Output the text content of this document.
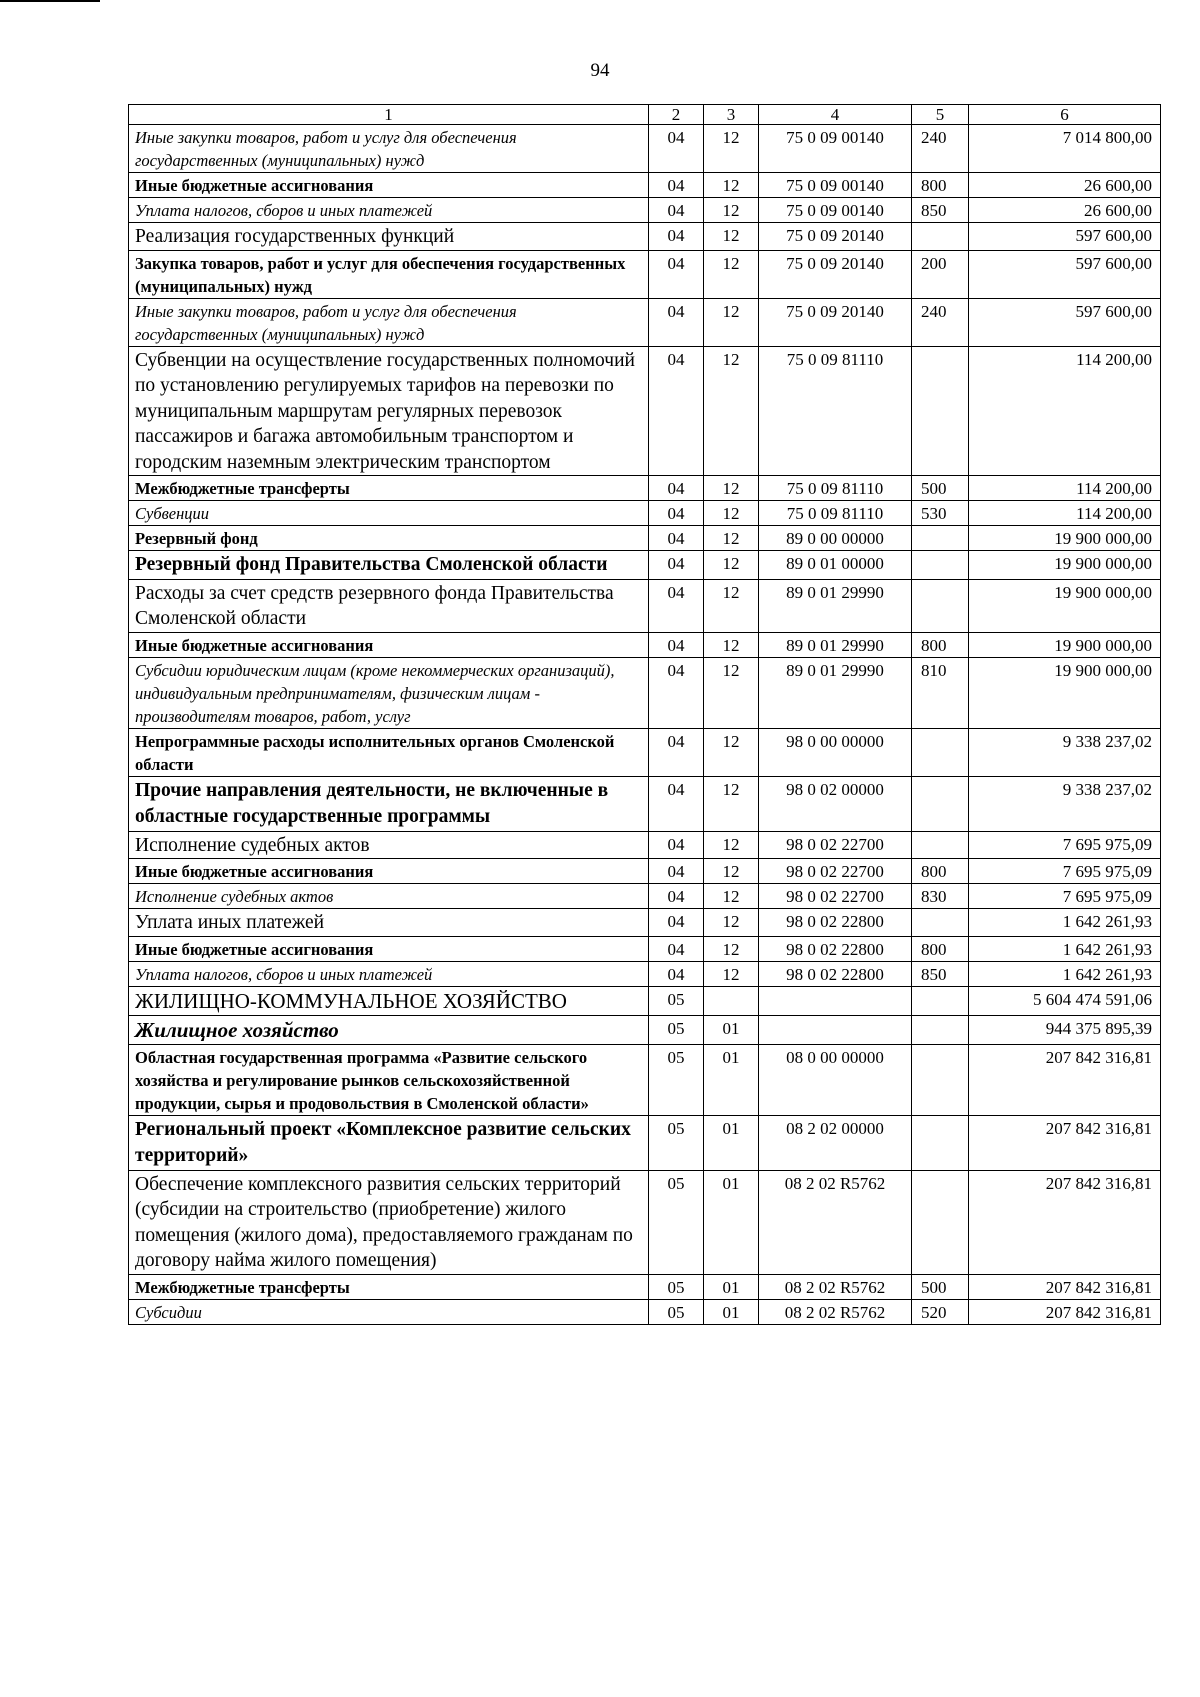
94
1	2	3	4	5	6
Иные закупки товаров, работ и услуг для обеспечения государственных (муниципальных) нужд	04	12	75 0 09 00140	240	7 014 800,00
Иные бюджетные ассигнования	04	12	75 0 09 00140	800	26 600,00
Уплата налогов, сборов и иных платежей	04	12	75 0 09 00140	850	26 600,00
Реализация государственных функций	04	12	75 0 09 20140		597 600,00
Закупка товаров, работ и услуг для обеспечения государственных (муниципальных) нужд	04	12	75 0 09 20140	200	597 600,00
Иные закупки товаров, работ и услуг для обеспечения государственных (муниципальных) нужд	04	12	75 0 09 20140	240	597 600,00
Субвенции на осуществление государственных полномочий по установлению регулируемых тарифов на перевозки по муниципальным маршрутам регулярных перевозок пассажиров и багажа автомобильным транспортом и городским наземным электрическим транспортом	04	12	75 0 09 81110		114 200,00
Межбюджетные трансферты	04	12	75 0 09 81110	500	114 200,00
Субвенции	04	12	75 0 09 81110	530	114 200,00
Резервный фонд	04	12	89 0 00 00000		19 900 000,00
Резервный фонд Правительства Смоленской области	04	12	89 0 01 00000		19 900 000,00
Расходы за счет средств резервного фонда Правительства Смоленской области	04	12	89 0 01 29990		19 900 000,00
Иные бюджетные ассигнования	04	12	89 0 01 29990	800	19 900 000,00
Субсидии юридическим лицам (кроме некоммерческих организаций), индивидуальным предпринимателям, физическим лицам - производителям товаров, работ, услуг	04	12	89 0 01 29990	810	19 900 000,00
Непрограммные расходы исполнительных органов Смоленской области	04	12	98 0 00 00000		9 338 237,02
Прочие направления деятельности, не включенные в областные государственные программы	04	12	98 0 02 00000		9 338 237,02
Исполнение судебных актов	04	12	98 0 02 22700		7 695 975,09
Иные бюджетные ассигнования	04	12	98 0 02 22700	800	7 695 975,09
Исполнение судебных актов	04	12	98 0 02 22700	830	7 695 975,09
Уплата иных платежей	04	12	98 0 02 22800		1 642 261,93
Иные бюджетные ассигнования	04	12	98 0 02 22800	800	1 642 261,93
Уплата налогов, сборов и иных платежей	04	12	98 0 02 22800	850	1 642 261,93
ЖИЛИЩНО-КОММУНАЛЬНОЕ ХОЗЯЙСТВО	05				5 604 474 591,06
Жилищное хозяйство	05	01			944 375 895,39
Областная государственная программа «Развитие сельского хозяйства и регулирование рынков сельскохозяйственной продукции, сырья и продовольствия в Смоленской области»	05	01	08 0 00 00000		207 842 316,81
Региональный проект «Комплексное развитие сельских территорий»	05	01	08 2 02 00000		207 842 316,81
Обеспечение комплексного развития сельских территорий (субсидии на строительство (приобретение) жилого помещения (жилого дома), предоставляемого гражданам по договору найма жилого помещения)	05	01	08 2 02 R5762		207 842 316,81
Межбюджетные трансферты	05	01	08 2 02 R5762	500	207 842 316,81
Субсидии	05	01	08 2 02 R5762	520	207 842 316,81
